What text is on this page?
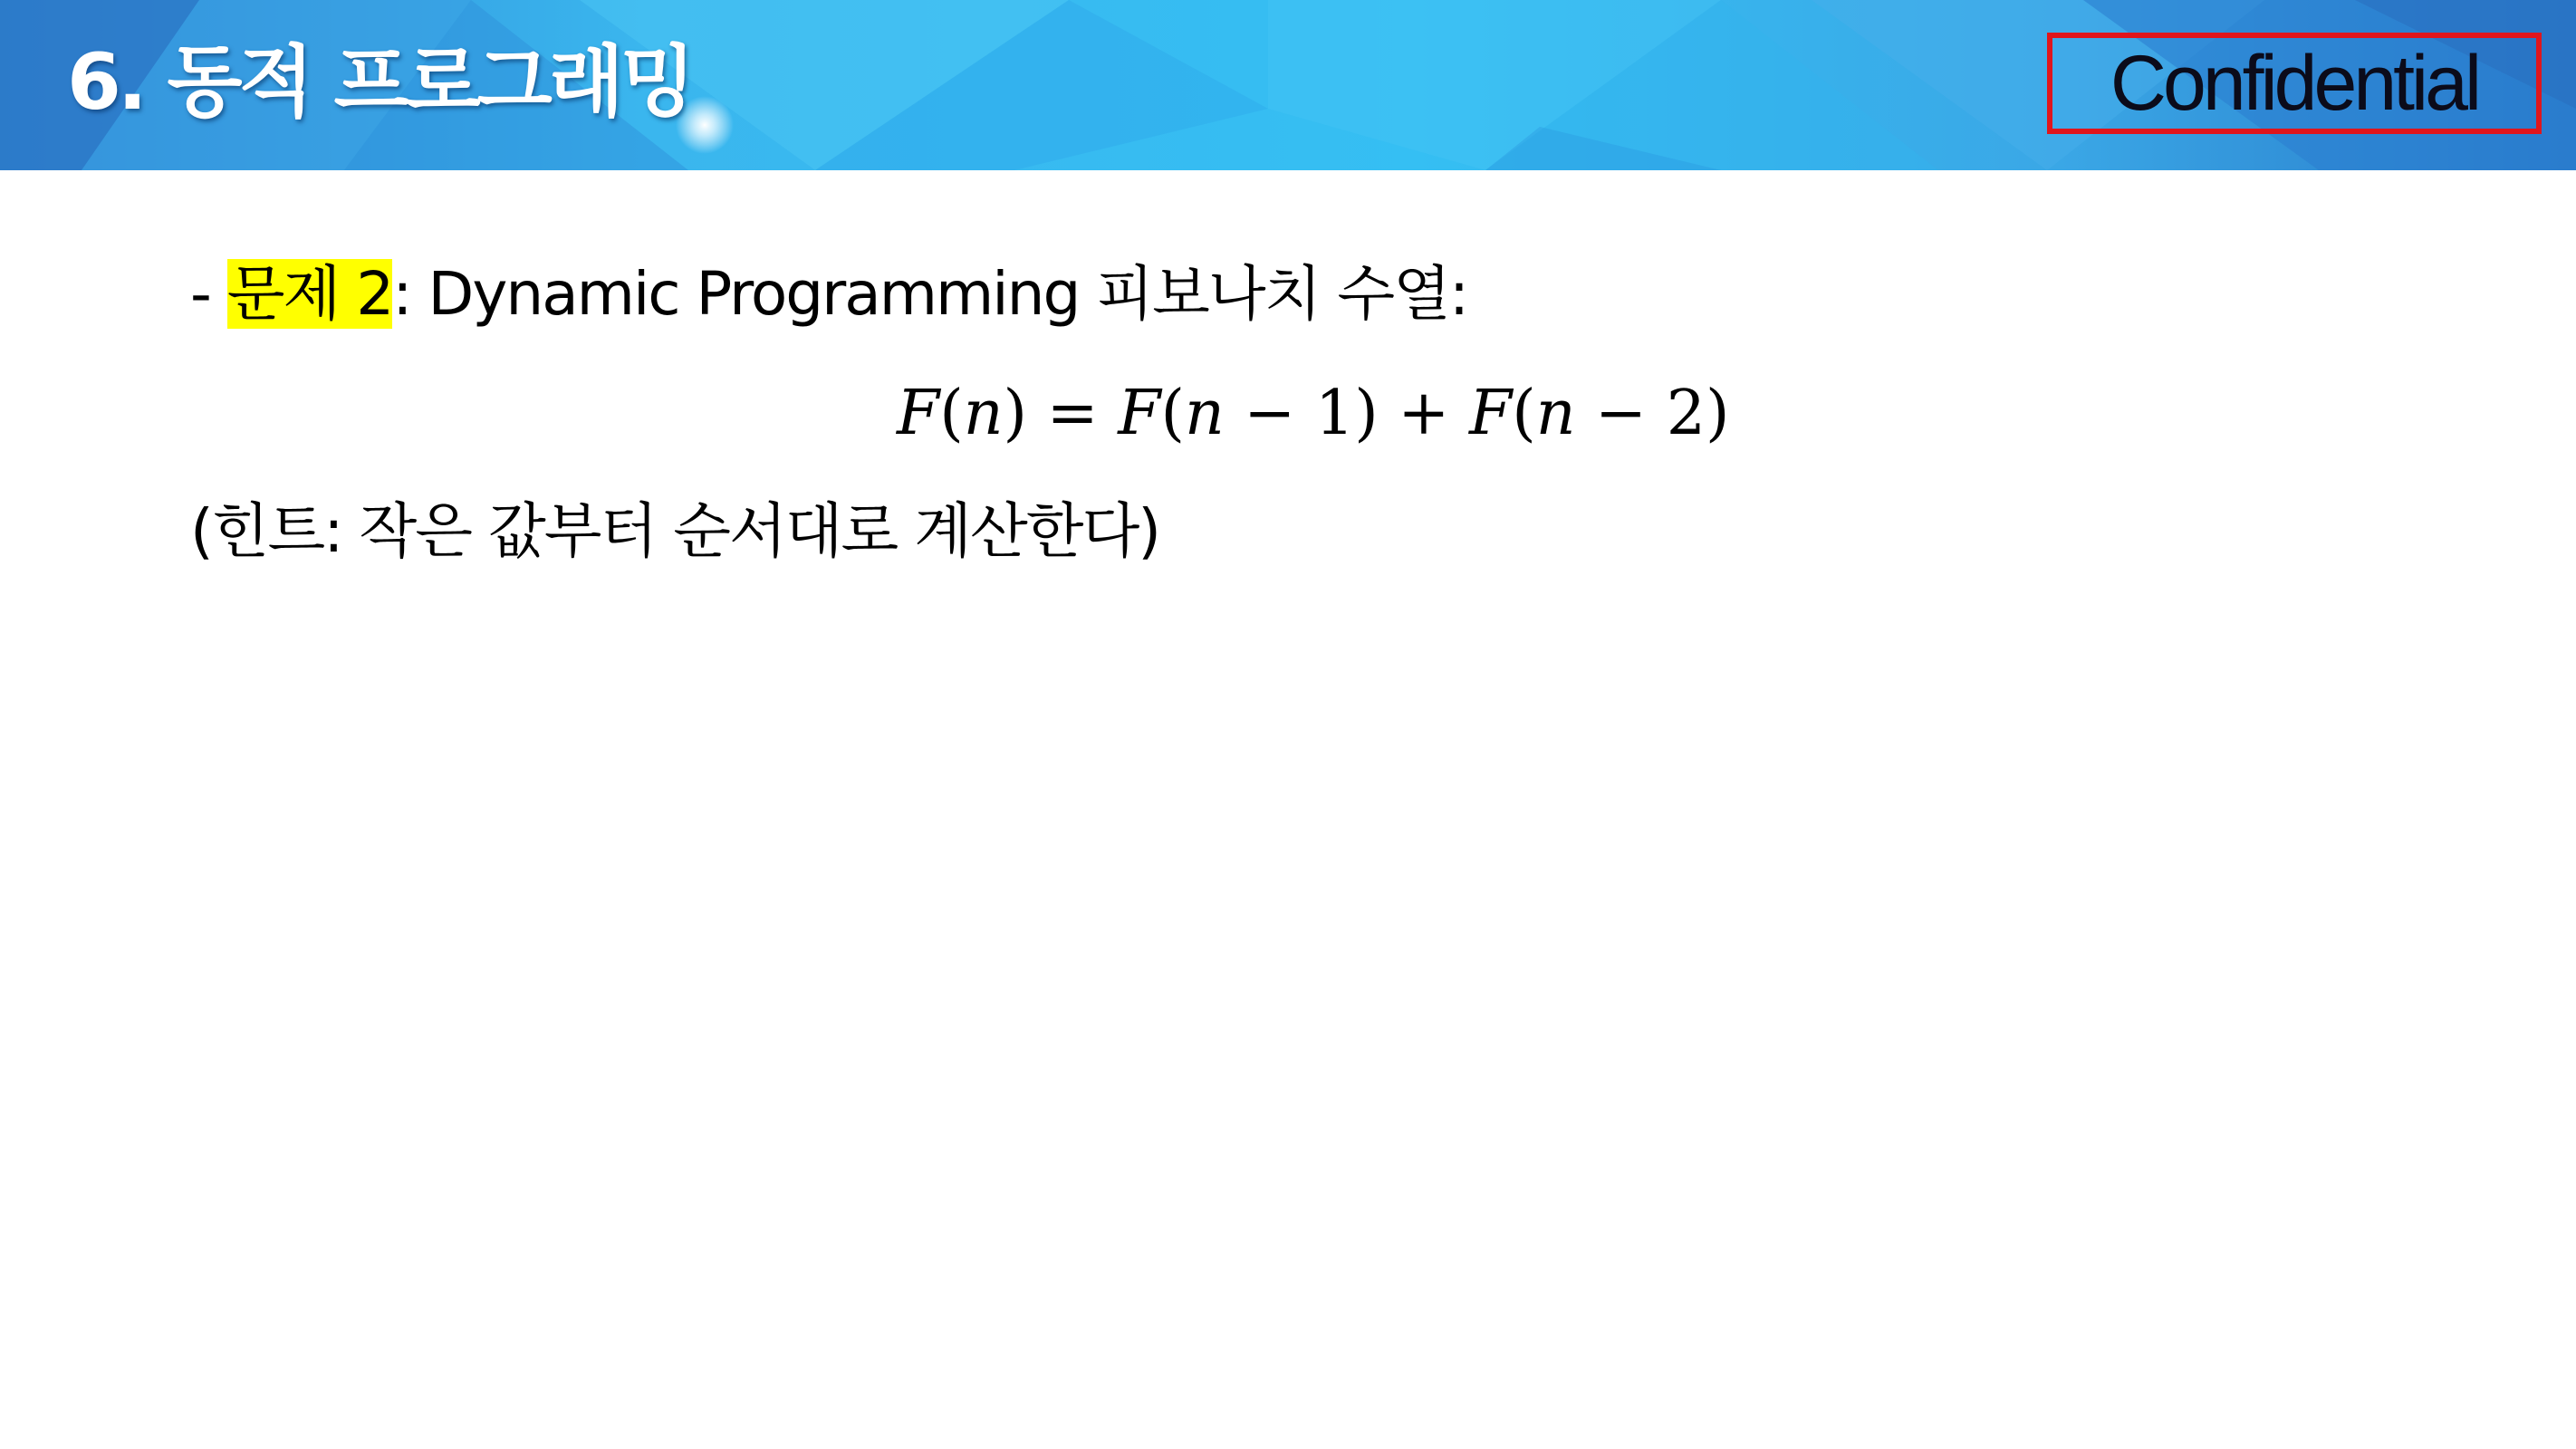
6. 동적 프로그래밍	Confidential
- 문제 2: Dynamic Programming 피보나치 수열:
F(n) = F(n − 1) + F(n − 2)
(힌트: 작은 값부터 순서대로 계산한다)
